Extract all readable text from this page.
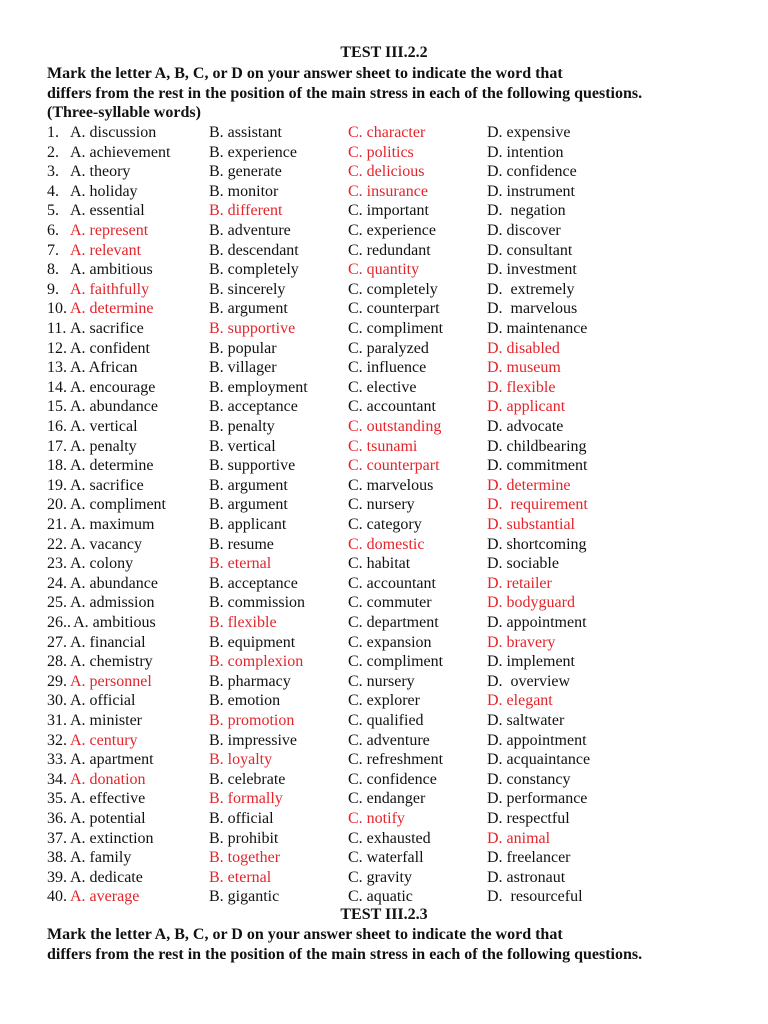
TEST III.2.2
Mark the letter A, B, C, or D on your answer sheet to indicate the word that
differs from the rest in the position of the main stress in each of the following questions.
(Three-syllable words)
1. A. discussion	B. assistant	C. character	D. expensive
2. A. achievement B. experience	C. politics	D. intention
3. A. theory	B. generate	C. delicious	D. confidence
4. A. holiday	B. monitor	C. insurance	D. instrument
5. A. essential	B. different	C. important	D.  negation
6. A. represent	B. adventure	C. experience	D. discover
7. A. relevant	B. descendant	C. redundant	D. consultant
8. A. ambitious	B. completely	C. quantity	D. investment
9. A. faithfully	B. sincerely	C. completely	D.  extremely
10. A. determine	B. argument	C. counterpart	D.  marvelous
11. A. sacrifice	B. supportive	C. compliment	D. maintenance
12. A. confident	B. popular	C. paralyzed	D. disabled
13. A. African	B. villager	C. influence	D. museum
14. A. encourage	B. employment	C. elective	D. flexible
15. A. abundance	B. acceptance	C. accountant	D. applicant
16. A. vertical	B. penalty	C. outstanding	D. advocate
17. A. penalty	B. vertical	C. tsunami	D. childbearing
18. A. determine	B. supportive	C. counterpart	D. commitment
19. A. sacrifice	B. argument	C. marvelous	D. determine
20. A. compliment	B. argument	C. nursery	D.  requirement
21. A. maximum	B. applicant	C. category	D. substantial
22. A. vacancy	B. resume	C. domestic	D. shortcoming
23. A. colony	B. eternal	C. habitat	D. sociable
24. A. abundance	B. acceptance	C. accountant	D. retailer
25. A. admission	B. commission	C. commuter	D. bodyguard
26.. A. ambitious	B. flexible	C. department	D. appointment
27. A. financial	B. equipment	C. expansion	D. bravery
28. A. chemistry	B. complexion	C. compliment	D. implement
29. A. personnel	B. pharmacy	C. nursery	D.  overview
30. A. official	B. emotion	C. explorer	D. elegant
31. A. minister	B. promotion	C. qualified	D. saltwater
32. A. century	B. impressive	C. adventure	D. appointment
33. A. apartment	B. loyalty	C. refreshment	D. acquaintance
34. A. donation	B. celebrate	C. confidence	D. constancy
35. A. effective	B. formally	C. endanger	D. performance
36. A. potential	B. official	C. notify	D. respectful
37. A. extinction	B. prohibit	C. exhausted	D. animal
38. A. family	B. together	C. waterfall	D. freelancer
39. A. dedicate	B. eternal	C. gravity	D. astronaut
40. A. average	B. gigantic	C. aquatic	D.  resourceful
TEST III.2.3
Mark the letter A, B, C, or D on your answer sheet to indicate the word that
differs from the rest in the position of the main stress in each of the following questions.
